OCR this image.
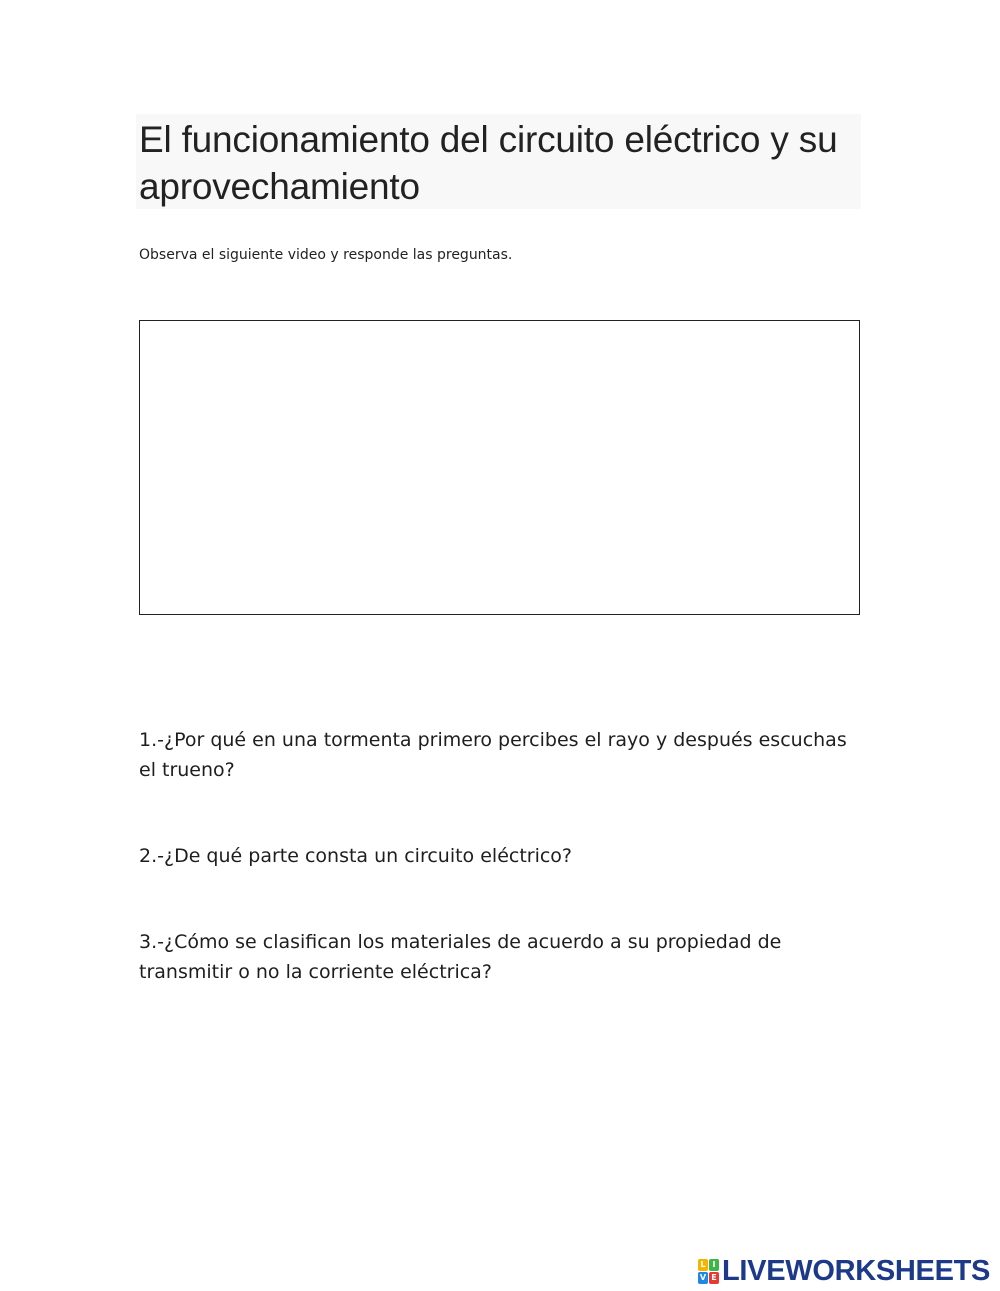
El funcionamiento del circuito eléctrico y su aprovechamiento
Observa el siguiente video y responde las preguntas.

1.-¿Por qué en una tormenta primero percibes el rayo y después escuchas el trueno?

2.-¿De qué parte consta un circuito eléctrico?

3.-¿Cómo se clasifican los materiales de acuerdo a su propiedad de transmitir o no la corriente eléctrica?

L I
V E LIVEWORKSHEETS
